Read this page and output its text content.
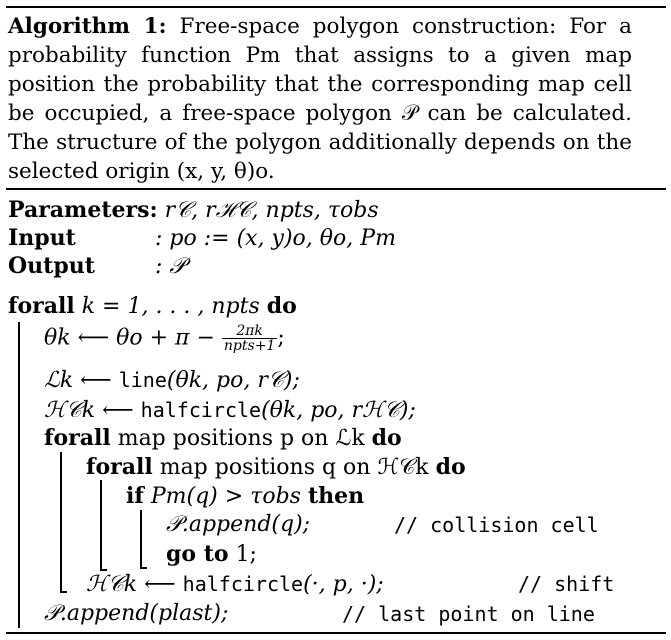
Algorithm 1: Free-space polygon construction: For a probability function Pm that assigns to a given map position the probability that the corresponding map cell be occupied, a free-space polygon 𝒫 can be calculated. The structure of the polygon additionally depends on the selected origin (x, y, θ)o.
Parameters: r𝒞, rℋ𝒞, npts, τobs
Input	: po := (x, y)o, θo, Pm
Output	: 𝒫
forall k = 1, . . . , npts do
θk ⟵ $\theta o + \pi - \frac{2\pi k}{\text{npts+1}}$ ;
ℒk ⟵ line(θk, po, r𝒞);
ℋ𝒞k ⟵ halfcircle(θk, po, rℋ𝒞);
forall map positions p on ℒk do
forall map positions q on ℋ𝒞k do
if Pm(q) > τobs then
𝒫.append(q);	// collision cell
go to 1;
ℋ𝒞k ⟵ halfcircle(·, p, ·);	// shift
𝒫.append(plast);	// last point on line
